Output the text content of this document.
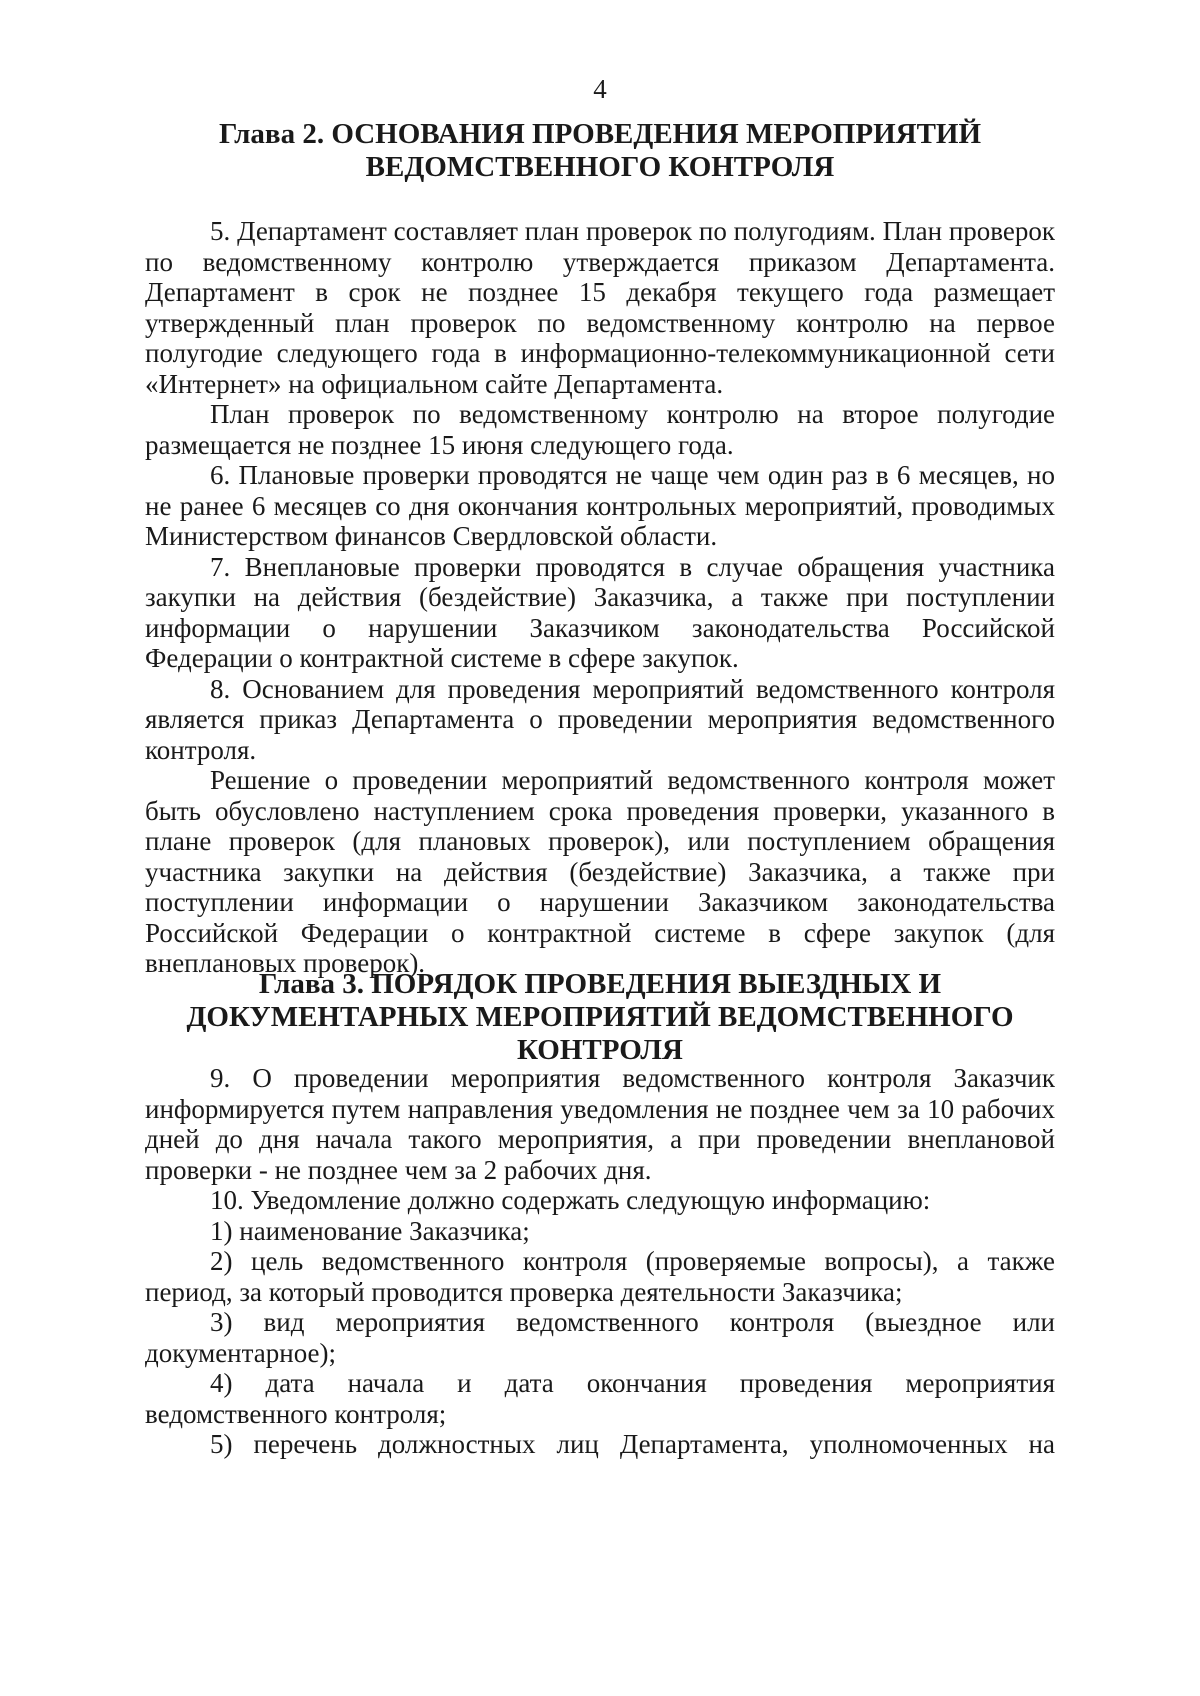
4
Глава 2. ОСНОВАНИЯ ПРОВЕДЕНИЯ МЕРОПРИЯТИЙ
ВЕДОМСТВЕННОГО КОНТРОЛЯ

5. Департамент составляет план проверок по полугодиям. План проверок по ведомственному контролю утверждается приказом Департамента. Департамент в срок не позднее 15 декабря текущего года размещает утвержденный план проверок по ведомственному контролю на первое полугодие следующего года в информационно-телекоммуникационной сети «Интернет» на официальном сайте Департамента.

План проверок по ведомственному контролю на второе полугодие размещается не позднее 15 июня следующего года.

6. Плановые проверки проводятся не чаще чем один раз в 6 месяцев, но не ранее 6 месяцев со дня окончания контрольных мероприятий, проводимых Министерством финансов Свердловской области.

7. Внеплановые проверки проводятся в случае обращения участника закупки на действия (бездействие) Заказчика, а также при поступлении информации о нарушении Заказчиком законодательства Российской Федерации о контрактной системе в сфере закупок.

8. Основанием для проведения мероприятий ведомственного контроля является приказ Департамента о проведении мероприятия ведомственного контроля.

Решение о проведении мероприятий ведомственного контроля может быть обусловлено наступлением срока проведения проверки, указанного в плане проверок (для плановых проверок), или поступлением обращения участника закупки на действия (бездействие) Заказчика, а также при поступлении информации о нарушении Заказчиком законодательства Российской Федерации о контрактной системе в сфере закупок (для внеплановых проверок).

Глава 3. ПОРЯДОК ПРОВЕДЕНИЯ ВЫЕЗДНЫХ И
ДОКУМЕНТАРНЫХ МЕРОПРИЯТИЙ ВЕДОМСТВЕННОГО КОНТРОЛЯ

9. О проведении мероприятия ведомственного контроля Заказчик информируется путем направления уведомления не позднее чем за 10 рабочих дней до дня начала такого мероприятия, а при проведении внеплановой проверки - не позднее чем за 2 рабочих дня.

10. Уведомление должно содержать следующую информацию:

1) наименование Заказчика;

2) цель ведомственного контроля (проверяемые вопросы), а также период, за который проводится проверка деятельности Заказчика;

3) вид мероприятия ведомственного контроля (выездное или документарное);

4) дата начала и дата окончания проведения мероприятия ведомственного контроля;

5) перечень должностных лиц Департамента, уполномоченных на
